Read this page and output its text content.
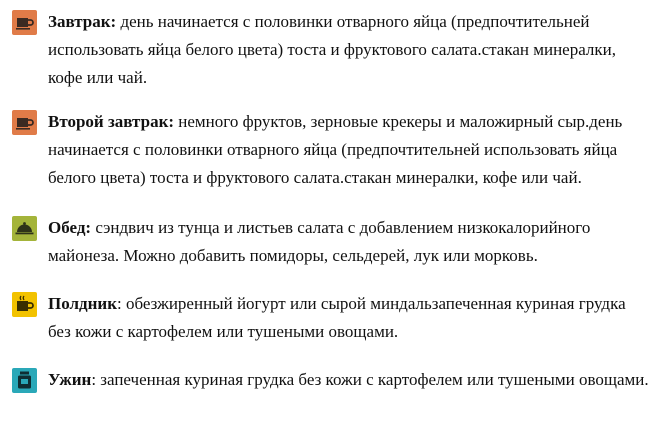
Завтрак: день начинается с половинки отварного яйца (предпочтительней использовать яйца белого цвета) тоста и фруктового салата.стакан минералки, кофе или чай.
Второй завтрак: немного фруктов, зерновые крекеры и маложирный сыр.день начинается с половинки отварного яйца (предпочтительней использовать яйца белого цвета) тоста и фруктового салата.стакан минералки, кофе или чай.
Обед: сэндвич из тунца и листьев салата с добавлением низкокалорийного майонеза. Можно добавить помидоры, сельдерей, лук или морковь.
Полдник: обезжиренный йогурт или сырой миндальзапеченная куриная грудка без кожи с картофелем или тушеными овощами.
Ужин: запеченная куриная грудка без кожи с картофелем или тушеными овощами.
